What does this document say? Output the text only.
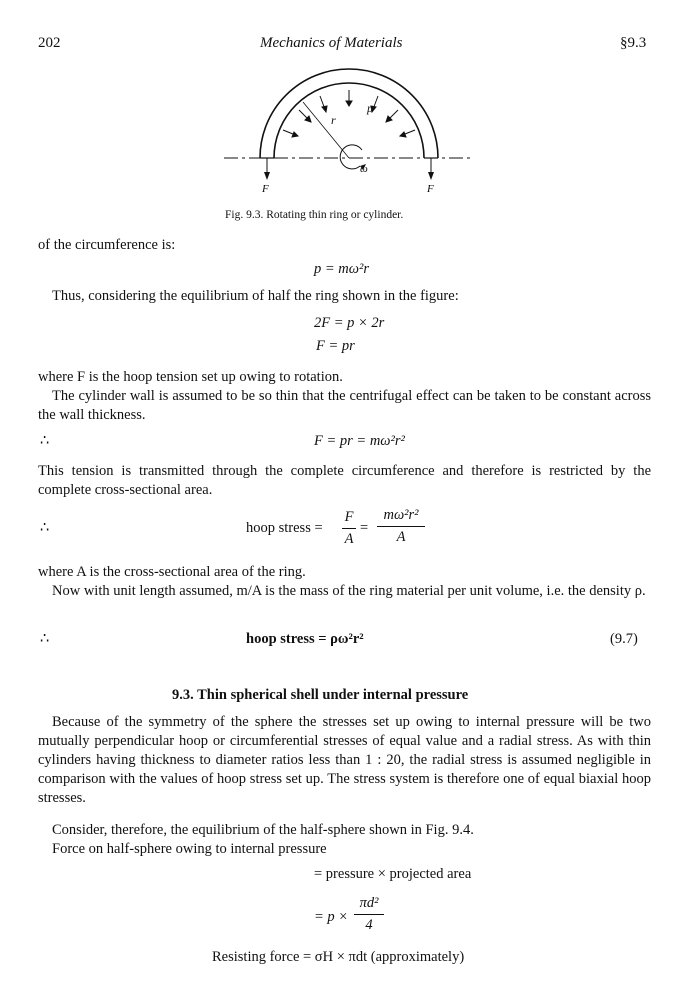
202	Mechanics of Materials	§9.3
p
r
ω
F	F
Fig. 9.3. Rotating thin ring or cylinder.
of the circumference is:
p = mω²r
Thus, considering the equilibrium of half the ring shown in the figure:
2F = p × 2r
F = pr
where F is the hoop tension set up owing to rotation.
The cylinder wall is assumed to be so thin that the centrifugal effect can be taken to be constant across the wall thickness.
∴	F = pr = mω²r²
This tension is transmitted through the complete circumference and therefore is restricted by the complete cross-sectional area.
∴	hoop stress =
F
A
=
mω²r²
A
where A is the cross-sectional area of the ring.
Now with unit length assumed, m/A is the mass of the ring material per unit volume, i.e. the density ρ.
∴	hoop stress = ρω²r²	(9.7)
9.3. Thin spherical shell under internal pressure
Because of the symmetry of the sphere the stresses set up owing to internal pressure will be two mutually perpendicular hoop or circumferential stresses of equal value and a radial stress. As with thin cylinders having thickness to diameter ratios less than 1 : 20, the radial stress is assumed negligible in comparison with the values of hoop stress set up. The stress system is therefore one of equal biaxial hoop stresses.
Consider, therefore, the equilibrium of the half-sphere shown in Fig. 9.4.
Force on half-sphere owing to internal pressure
= pressure × projected area
= p ×
πd²
4
Resisting force = σH × πdt (approximately)
